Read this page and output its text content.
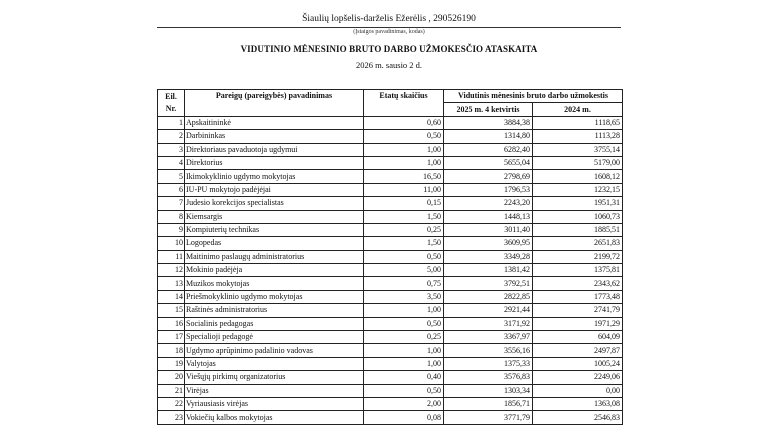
Šiaulių lopšelis-darželis Ežerėlis , 290526190
(Įstaigos pavadinimas, kodas)
VIDUTINIO MĖNESINIO BRUTO DARBO UŽMOKESČIO ATASKAITA
2026 m. sausio 2 d.
Eil.
Nr.	Pareigų (pareigybės) pavadinimas	Etatų skaičius	Vidutinis mėnesinis bruto darbo užmokestis	
			2025 m. 4 ketvirtis	2024 m.
1	Apskaitininkė	0,60	3884,38	1118,65
2	Darbininkas	0,50	1314,80	1113,28
3	Direktoriaus pavaduotoja ugdymui	1,00	6282,40	3755,14
4	Direktorius	1,00	5655,04	5179,00
5	Ikimokyklinio ugdymo mokytojas	16,50	2798,69	1608,12
6	IU-PU mokytojo padėjėjai	11,00	1796,53	1232,15
7	Judesio korekcijos specialistas	0,15	2243,20	1951,31
8	Kiemsargis	1,50	1448,13	1060,73
9	Kompiuterių technikas	0,25	3011,40	1885,51
10	Logopedas	1,50	3609,95	2651,83
11	Maitinimo paslaugų administratorius	0,50	3349,28	2199,72
12	Mokinio padėjėja	5,00	1381,42	1375,81
13	Muzikos mokytojas	0,75	3792,51	2343,62
14	Priešmokyklinio ugdymo mokytojas	3,50	2822,85	1773,48
15	Raštinės administratorius	1,00	2921,44	2741,79
16	Socialinis pedagogas	0,50	3171,92	1971,29
17	Specialioji pedagogė	0,25	3367,97	604,09
18	Ugdymo aprūpinimo padalinio vadovas	1,00	3556,16	2497,87
19	Valytojas	1,00	1375,33	1005,24
20	Viešųjų pirkimų organizatorius	0,40	3576,83	2249,06
21	Virėjas	0,50	1303,34	0,00
22	Vyriausiasis virėjas	2,00	1856,71	1363,08
23	Vokiečių kalbos mokytojas	0,08	3771,79	2546,83
